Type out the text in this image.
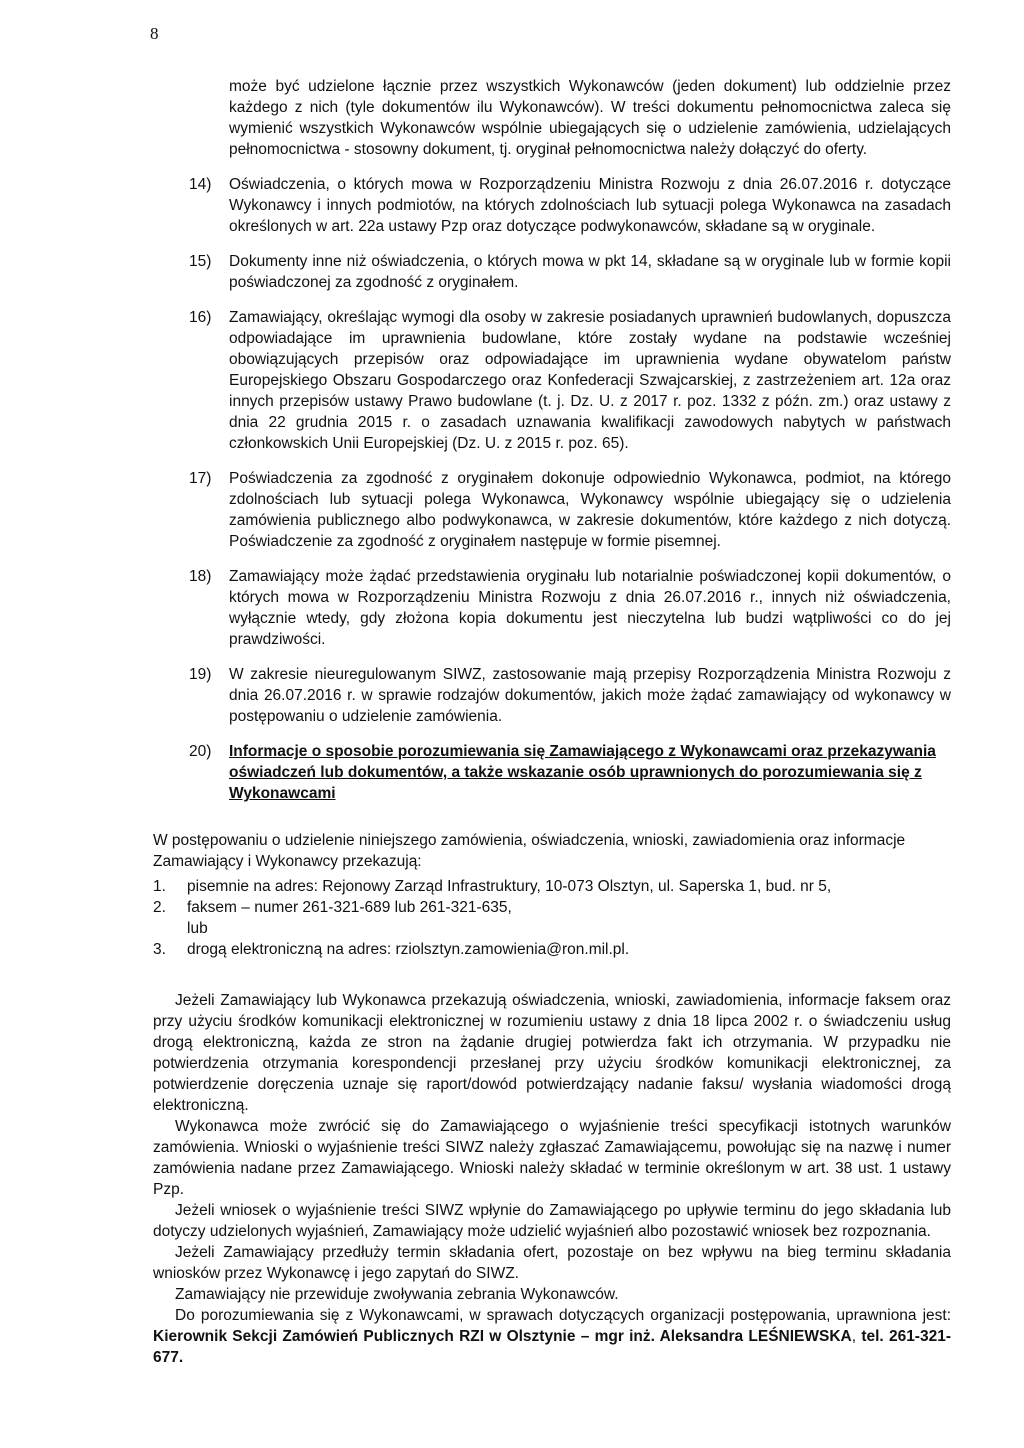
8
może być udzielone łącznie przez wszystkich Wykonawców (jeden dokument) lub oddzielnie przez każdego z nich (tyle dokumentów ilu Wykonawców). W treści dokumentu pełnomocnictwa zaleca się wymienić wszystkich Wykonawców wspólnie ubiegających się o udzielenie zamówienia, udzielających pełnomocnictwa - stosowny dokument, tj. oryginał pełnomocnictwa należy dołączyć do oferty.
14)	Oświadczenia, o których mowa w Rozporządzeniu Ministra Rozwoju z dnia 26.07.2016 r. dotyczące Wykonawcy i innych podmiotów, na których zdolnościach lub sytuacji polega Wykonawca na zasadach określonych w art. 22a ustawy Pzp oraz dotyczące podwykonawców, składane są w oryginale.
15)	Dokumenty inne niż oświadczenia, o których mowa w pkt 14, składane są w oryginale lub w formie kopii poświadczonej za zgodność z oryginałem.
16)	Zamawiający, określając wymogi dla osoby w zakresie posiadanych uprawnień budowlanych, dopuszcza odpowiadające im uprawnienia budowlane, które zostały wydane na podstawie wcześniej obowiązujących przepisów oraz odpowiadające im uprawnienia wydane obywatelom państw Europejskiego Obszaru Gospodarczego oraz Konfederacji Szwajcarskiej, z zastrzeżeniem art. 12a oraz innych przepisów ustawy Prawo budowlane (t. j. Dz. U. z 2017 r. poz. 1332 z późn. zm.) oraz ustawy z dnia 22 grudnia 2015 r. o zasadach uznawania kwalifikacji zawodowych nabytych w państwach członkowskich Unii Europejskiej (Dz. U. z 2015 r. poz. 65).
17)	Poświadczenia za zgodność z oryginałem dokonuje odpowiednio Wykonawca, podmiot, na którego zdolnościach lub sytuacji polega Wykonawca, Wykonawcy wspólnie ubiegający się o udzielenia zamówienia publicznego albo podwykonawca, w zakresie dokumentów, które każdego z nich dotyczą. Poświadczenie za zgodność z oryginałem następuje w formie pisemnej.
18)	Zamawiający może żądać przedstawienia oryginału lub notarialnie poświadczonej kopii dokumentów, o których mowa w Rozporządzeniu Ministra Rozwoju z dnia 26.07.2016 r., innych niż oświadczenia, wyłącznie wtedy, gdy złożona kopia dokumentu jest nieczytelna lub budzi wątpliwości co do jej prawdziwości.
19)	W zakresie nieuregulowanym SIWZ, zastosowanie mają przepisy Rozporządzenia Ministra Rozwoju z dnia 26.07.2016 r. w sprawie rodzajów dokumentów, jakich może żądać zamawiający od wykonawcy w postępowaniu o udzielenie zamówienia.
20)	Informacje o sposobie porozumiewania się Zamawiającego z Wykonawcami oraz przekazywania oświadczeń lub dokumentów, a także wskazanie osób uprawnionych do porozumiewania się z Wykonawcami
W postępowaniu o udzielenie niniejszego zamówienia, oświadczenia, wnioski, zawiadomienia oraz informacje Zamawiający i Wykonawcy przekazują:
1.	pisemnie na adres: Rejonowy Zarząd Infrastruktury, 10-073 Olsztyn, ul. Saperska 1, bud. nr 5,
2.	faksem – numer 261-321-689 lub 261-321-635,
lub
3.	drogą elektroniczną na adres: rziolsztyn.zamowienia@ron.mil.pl.
Jeżeli Zamawiający lub Wykonawca przekazują oświadczenia, wnioski, zawiadomienia, informacje faksem oraz przy użyciu środków komunikacji elektronicznej w rozumieniu ustawy z dnia 18 lipca 2002 r. o świadczeniu usług drogą elektroniczną, każda ze stron na żądanie drugiej potwierdza fakt ich otrzymania. W przypadku nie potwierdzenia otrzymania korespondencji przesłanej przy użyciu środków komunikacji elektronicznej, za potwierdzenie doręczenia uznaje się raport/dowód potwierdzający nadanie faksu/ wysłania wiadomości drogą elektroniczną.
Wykonawca może zwrócić się do Zamawiającego o wyjaśnienie treści specyfikacji istotnych warunków zamówienia. Wnioski o wyjaśnienie treści SIWZ należy zgłaszać Zamawiającemu, powołując się na nazwę i numer zamówienia nadane przez Zamawiającego. Wnioski należy składać w terminie określonym w art. 38 ust. 1 ustawy Pzp.
Jeżeli wniosek o wyjaśnienie treści SIWZ wpłynie do Zamawiającego po upływie terminu do jego składania lub dotyczy udzielonych wyjaśnień, Zamawiający może udzielić wyjaśnień albo pozostawić wniosek bez rozpoznania.
Jeżeli Zamawiający przedłuży termin składania ofert, pozostaje on bez wpływu na bieg terminu składania wniosków przez Wykonawcę i jego zapytań do SIWZ.
Zamawiający nie przewiduje zwoływania zebrania Wykonawców.
Do porozumiewania się z Wykonawcami, w sprawach dotyczących organizacji postępowania, uprawniona jest: Kierownik Sekcji Zamówień Publicznych RZI w Olsztynie – mgr inż. Aleksandra LEŚNIEWSKA, tel. 261-321-677.
